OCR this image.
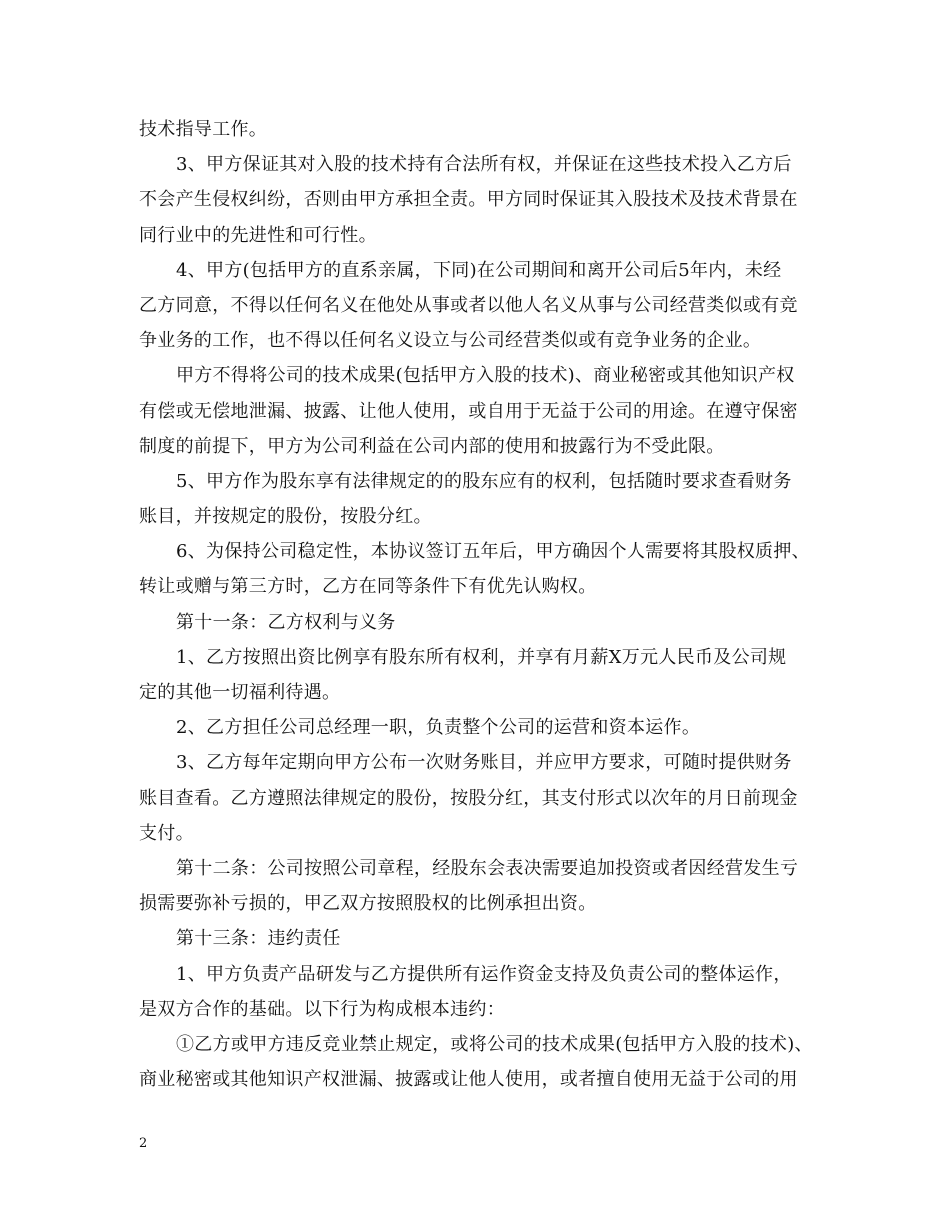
技术指导工作。
3、甲方保证其对入股的技术持有合法所有权，并保证在这些技术投入乙方后
不会产生侵权纠纷，否则由甲方承担全责。甲方同时保证其入股技术及技术背景在
同行业中的先进性和可行性。
4、甲方(包括甲方的直系亲属，下同)在公司期间和离开公司后5年内，未经
乙方同意，不得以任何名义在他处从事或者以他人名义从事与公司经营类似或有竞
争业务的工作，也不得以任何名义设立与公司经营类似或有竞争业务的企业。
甲方不得将公司的技术成果(包括甲方入股的技术)、商业秘密或其他知识产权
有偿或无偿地泄漏、披露、让他人使用，或自用于无益于公司的用途。在遵守保密
制度的前提下，甲方为公司利益在公司内部的使用和披露行为不受此限。
5、甲方作为股东享有法律规定的的股东应有的权利，包括随时要求查看财务
账目，并按规定的股份，按股分红。
6、为保持公司稳定性，本协议签订五年后，甲方确因个人需要将其股权质押、
转让或赠与第三方时，乙方在同等条件下有优先认购权。
第十一条：乙方权利与义务
1、乙方按照出资比例享有股东所有权利，并享有月薪X万元人民币及公司规
定的其他一切福利待遇。
2、乙方担任公司总经理一职，负责整个公司的运营和资本运作。
3、乙方每年定期向甲方公布一次财务账目，并应甲方要求，可随时提供财务
账目查看。乙方遵照法律规定的股份，按股分红，其支付形式以次年的月日前现金
支付。
第十二条：公司按照公司章程，经股东会表决需要追加投资或者因经营发生亏
损需要弥补亏损的，甲乙双方按照股权的比例承担出资。
第十三条：违约责任
1、甲方负责产品研发与乙方提供所有运作资金支持及负责公司的整体运作，
是双方合作的基础。以下行为构成根本违约：
①乙方或甲方违反竞业禁止规定，或将公司的技术成果(包括甲方入股的技术)、
商业秘密或其他知识产权泄漏、披露或让他人使用，或者擅自使用无益于公司的用
2
